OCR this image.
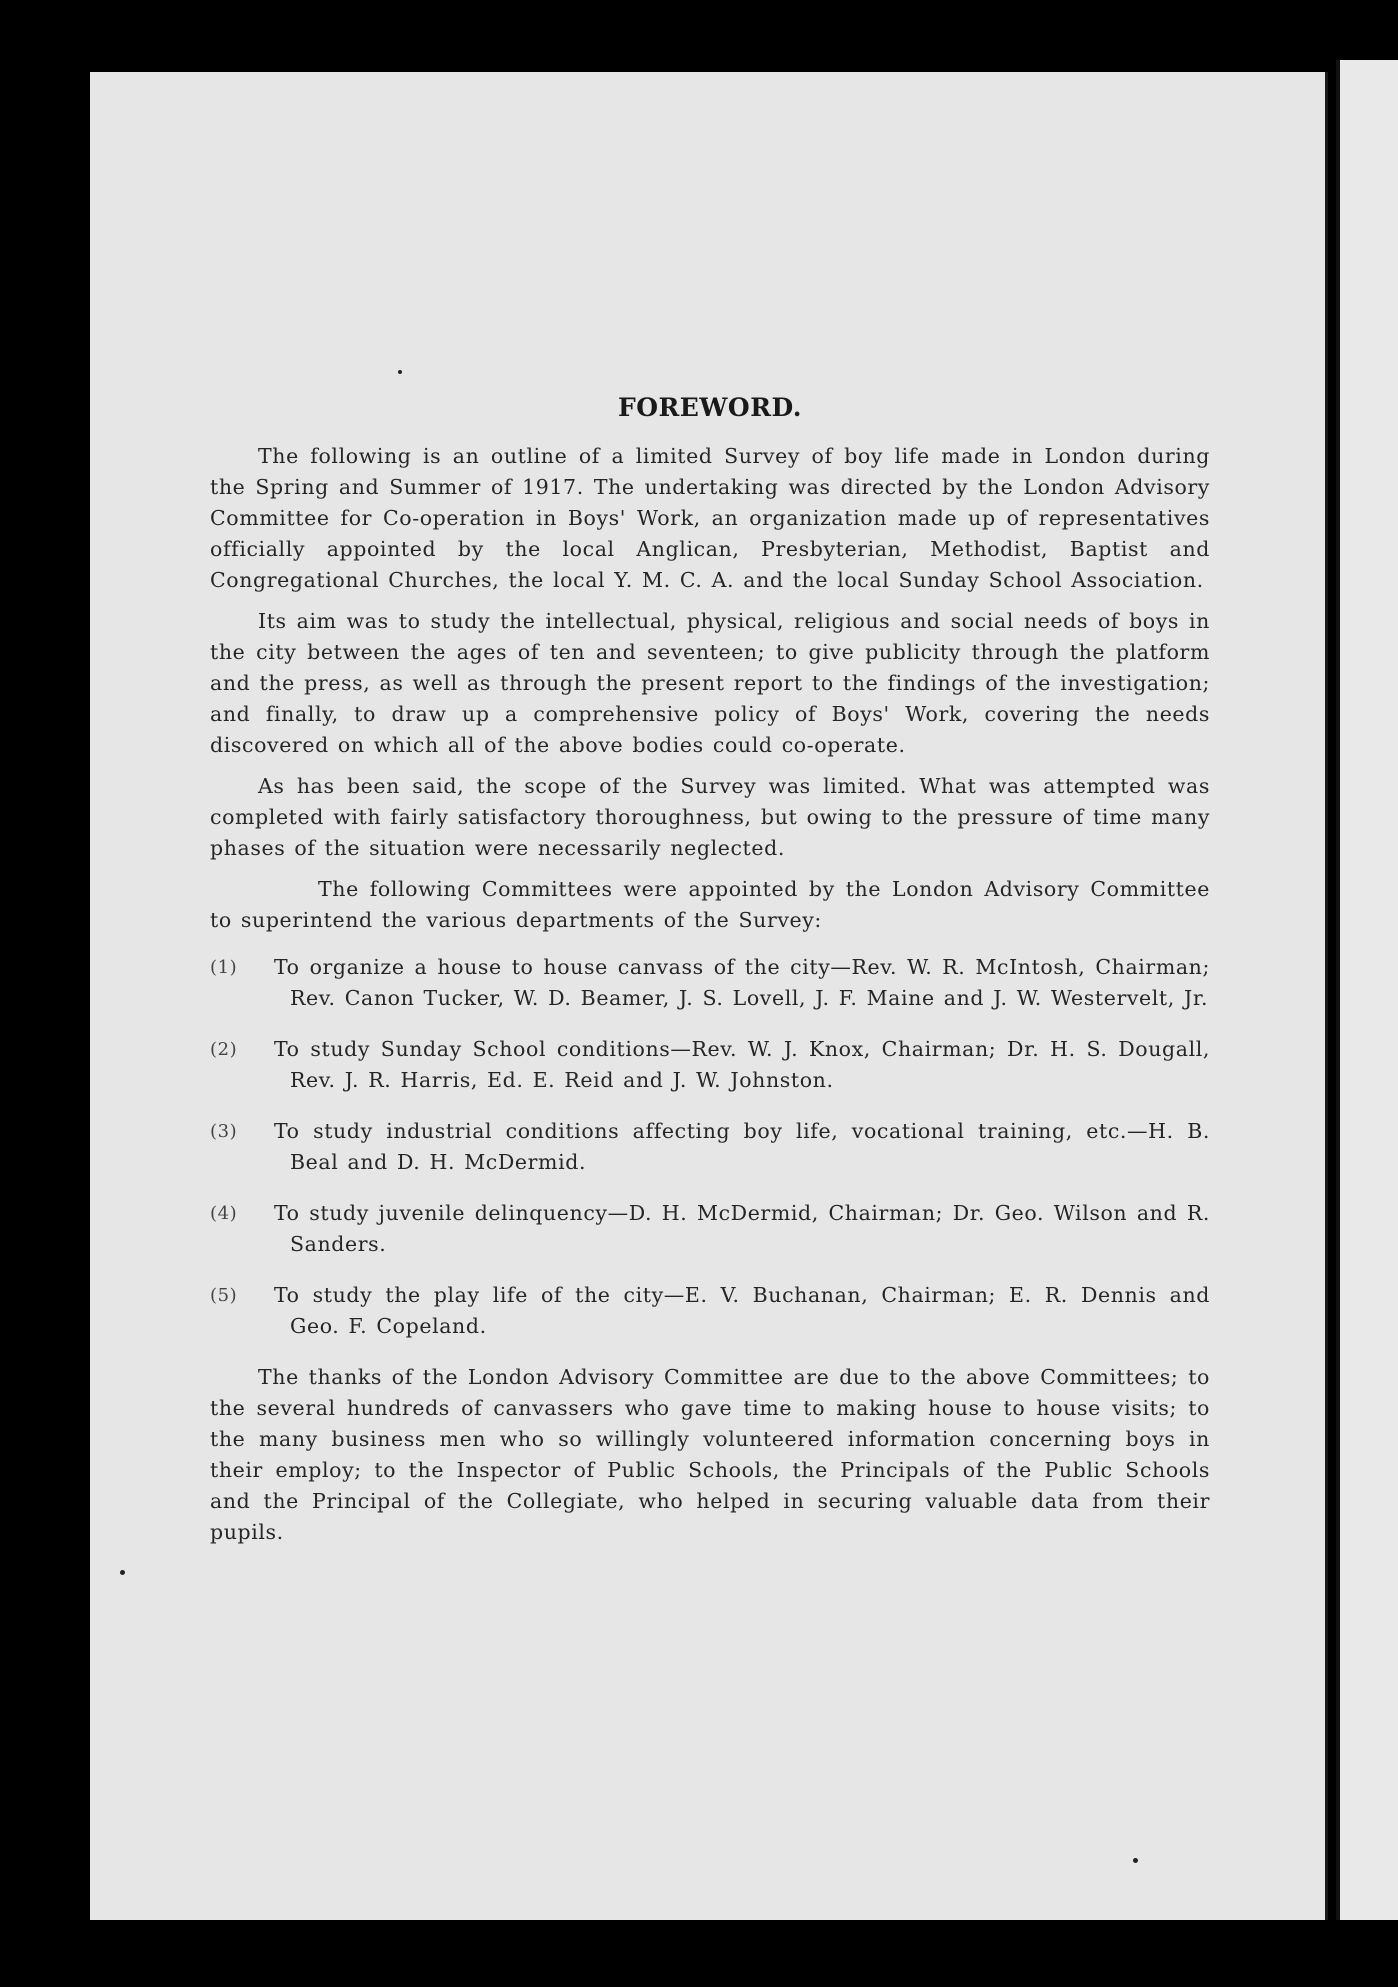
FOREWORD.

The following is an outline of a limited Survey of boy life made in London during the Spring and Summer of 1917. The undertaking was directed by the London Advisory Committee for Co-operation in Boys' Work, an organization made up of representatives officially appointed by the local Anglican, Presbyterian, Methodist, Baptist and Congregational Churches, the local Y. M. C. A. and the local Sunday School Association.

Its aim was to study the intellectual, physical, religious and social needs of boys in the city between the ages of ten and seventeen; to give publicity through the platform and the press, as well as through the present report to the findings of the investigation; and finally, to draw up a comprehensive policy of Boys' Work, covering the needs discovered on which all of the above bodies could co-operate.

As has been said, the scope of the Survey was limited. What was attempted was completed with fairly satisfactory thoroughness, but owing to the pressure of time many phases of the situation were necessarily neglected.

The following Committees were appointed by the London Advisory Committee to superintend the various departments of the Survey:

(1)	To organize a house to house canvass of the city—Rev. W. R. McIntosh, Chairman; Rev. Canon Tucker, W. D. Beamer, J. S. Lovell, J. F. Maine and J. W. Westervelt, Jr.
(2)	To study Sunday School conditions—Rev. W. J. Knox, Chairman; Dr. H. S. Dougall, Rev. J. R. Harris, Ed. E. Reid and J. W. Johnston.
(3)	To study industrial conditions affecting boy life, vocational training, etc.—H. B. Beal and D. H. McDermid.
(4)	To study juvenile delinquency—D. H. McDermid, Chairman; Dr. Geo. Wilson and R. Sanders.
(5)	To study the play life of the city—E. V. Buchanan, Chairman; E. R. Dennis and Geo. F. Copeland.

The thanks of the London Advisory Committee are due to the above Committees; to the several hundreds of canvassers who gave time to making house to house visits; to the many business men who so willingly volunteered information concerning boys in their employ; to the Inspector of Public Schools, the Principals of the Public Schools and the Principal of the Collegiate, who helped in securing valuable data from their pupils.
